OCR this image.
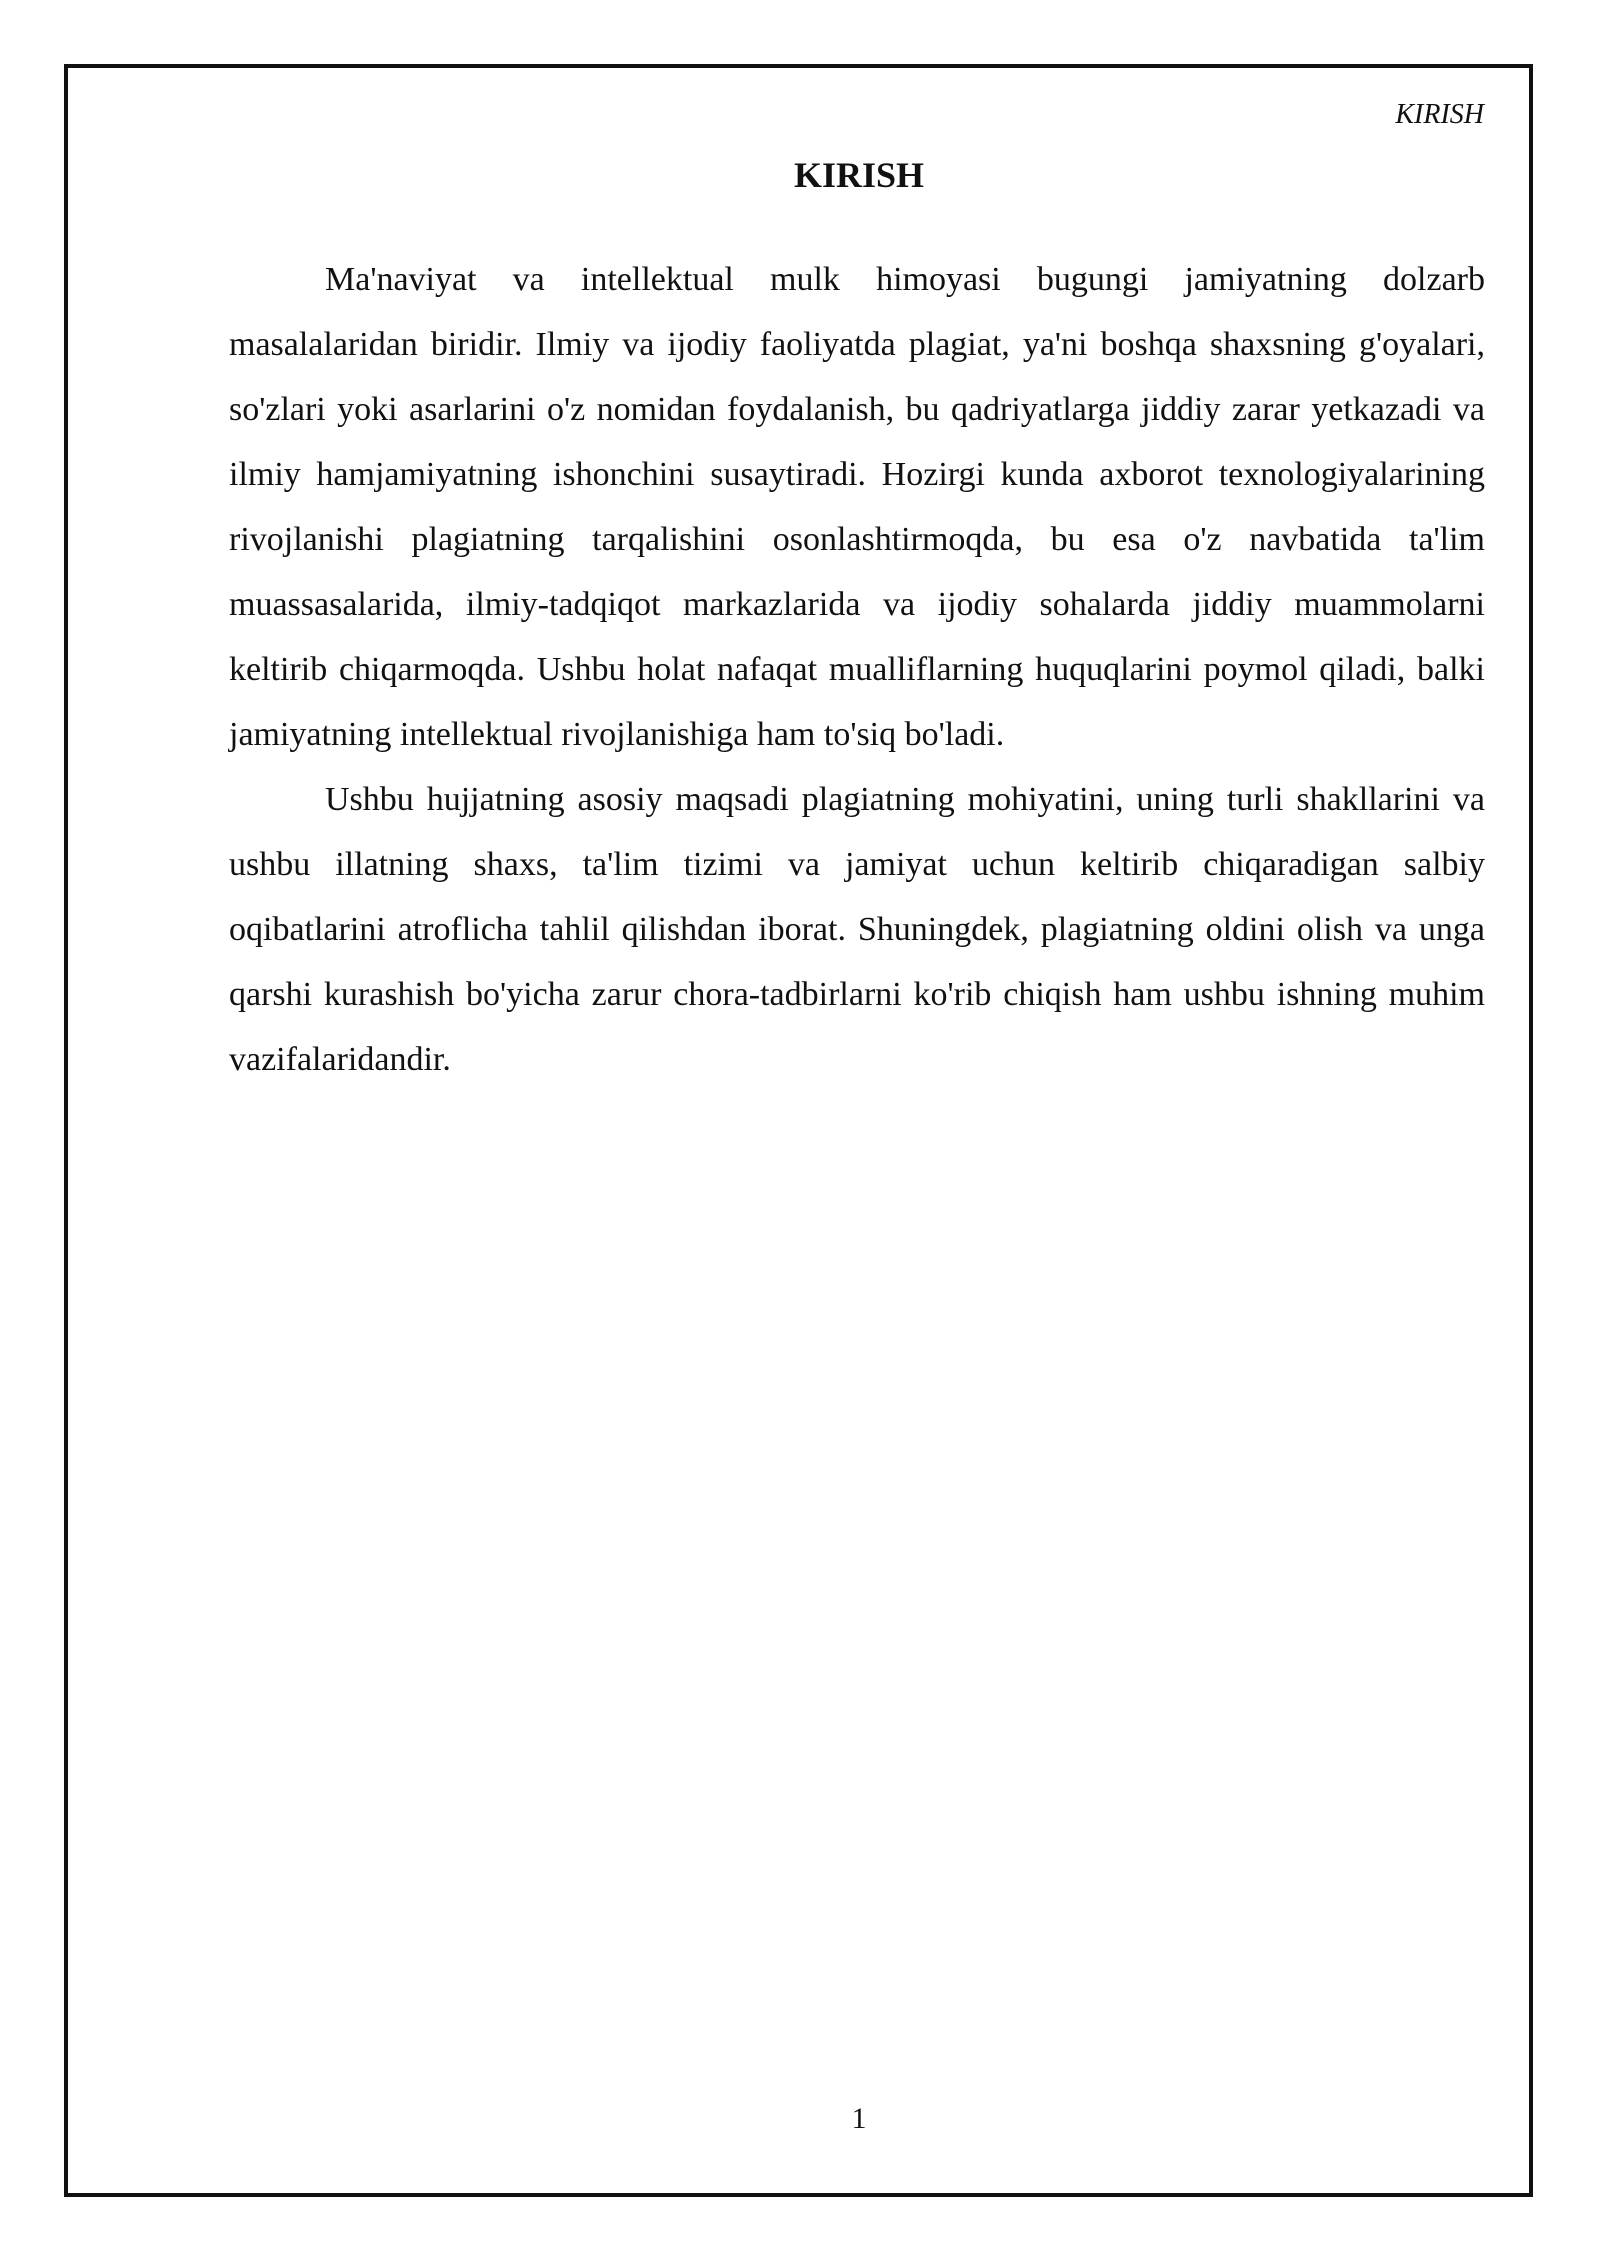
KIRISH
KIRISH

Ma'naviyat va intellektual mulk himoyasi bugungi jamiyatning dolzarb masalalaridan biridir. Ilmiy va ijodiy faoliyatda plagiat, ya'ni boshqa shaxsning g'oyalari, so'zlari yoki asarlarini o'z nomidan foydalanish, bu qadriyatlarga jiddiy zarar yetkazadi va ilmiy hamjamiyatning ishonchini susaytiradi. Hozirgi kunda axborot texnologiyalarining rivojlanishi plagiatning tarqalishini osonlashtirmoqda, bu esa o'z navbatida ta'lim muassasalarida, ilmiy-tadqiqot markazlarida va ijodiy sohalarda jiddiy muammolarni keltirib chiqarmoqda. Ushbu holat nafaqat mualliflarning huquqlarini poymol qiladi, balki jamiyatning intellektual rivojlanishiga ham to'siq bo'ladi.

Ushbu hujjatning asosiy maqsadi plagiatning mohiyatini, uning turli shakllarini va ushbu illatning shaxs, ta'lim tizimi va jamiyat uchun keltirib chiqaradigan salbiy oqibatlarini atroflicha tahlil qilishdan iborat. Shuningdek, plagiatning oldini olish va unga qarshi kurashish bo'yicha zarur chora-tadbirlarni ko'rib chiqish ham ushbu ishning muhim vazifalaridandir.

1
